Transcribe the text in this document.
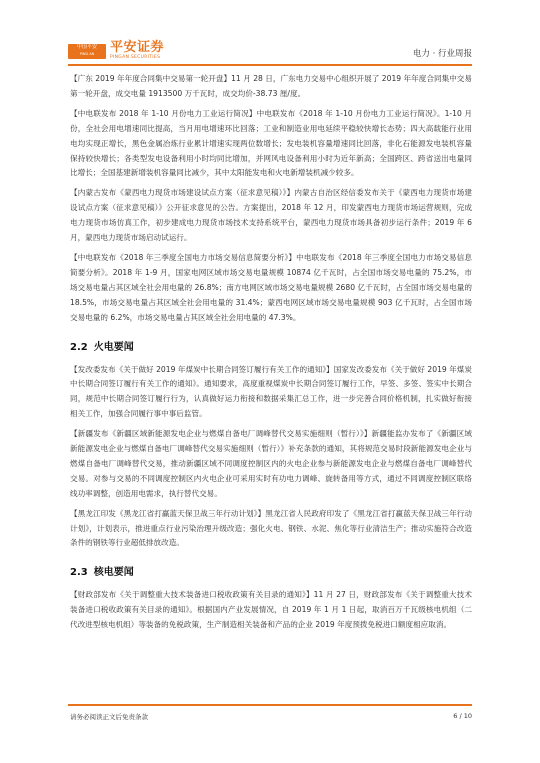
中国平安
PING AN	平安证券
PINGAN SECURITIES	电力 · 行业周报

【广东 2019 年年度合同集中交易第一轮开盘】11 月 28 日，广东电力交易中心组织开展了 2019 年年度合同集中交易第一轮开盘，成交电量 1913500 万千瓦时，成交均价-38.73 厘/度。

【中电联发布 2018 年 1-10 月份电力工业运行简况】中电联发布《2018 年 1-10 月份电力工业运行简况》。1-10 月份，全社会用电增速同比提高，当月用电增速环比回落；工业和制造业用电延续平稳较快增长态势；四大高载能行业用电均实现正增长，黑色金属冶炼行业累计增速实现两位数增长；发电装机容量增速同比回落，非化石能源发电装机容量保持较快增长；各类型发电设备利用小时均同比增加，并网风电设备利用小时为近年新高；全国跨区、跨省送出电量同比增长；全国基建新增装机容量同比减少，其中太阳能发电和火电新增装机减少较多。

【内蒙古发布《蒙西电力现货市场建设试点方案（征求意见稿）》】内蒙古自治区经信委发布关于《蒙西电力现货市场建设试点方案（征求意见稿）》公开征求意见的公告。方案提出，2018 年 12 月，印发蒙西电力现货市场运营规则，完成电力现货市场仿真工作，初步建成电力现货市场技术支持系统平台，蒙西电力现货市场具备初步运行条件；2019 年 6 月，蒙西电力现货市场启动试运行。

【中电联发布《2018 年三季度全国电力市场交易信息简要分析》】中电联发布《2018 年三季度全国电力市场交易信息简要分析》。2018 年 1-9 月，国家电网区域市场交易电量规模 10874 亿千瓦时，占全国市场交易电量的 75.2%，市场交易电量占其区域全社会用电量的 26.8%；南方电网区域市场交易电量规模 2680 亿千瓦时，占全国市场交易电量的 18.5%，市场交易电量占其区域全社会用电量的 31.4%；蒙西电网区域市场交易电量规模 903 亿千瓦时，占全国市场交易电量的 6.2%，市场交易电量占其区域全社会用电量的 47.3%。

2.2 火电要闻

【发改委发布《关于做好 2019 年煤炭中长期合同签订履行有关工作的通知》】国家发改委发布《关于做好 2019 年煤炭中长期合同签订履行有关工作的通知》。通知要求，高度重视煤炭中长期合同签订履行工作，早签、多签、签实中长期合同，规范中长期合同签订履行行为，认真做好运力衔接和数据采集汇总工作，进一步完善合同价格机制，扎实做好衔接相关工作，加强合同履行事中事后监管。

【新疆发布《新疆区域新能源发电企业与燃煤自备电厂调峰替代交易实施细则（暂行）》】新疆能监办发布了《新疆区域新能源发电企业与燃煤自备电厂调峰替代交易实施细则（暂行）》补充条款的通知，其将规范交易时段新能源发电企业与燃煤自备电厂调峰替代交易，推动新疆区域不同调度控制区内的火电企业参与新能源发电企业与燃煤自备电厂调峰替代交易。对参与交易的不同调度控制区内火电企业可采用实时有功电力调峰、旋转备用等方式，通过不同调度控制区联络线功率调整，创造用电需求，执行替代交易。

【黑龙江印发《黑龙江省打赢蓝天保卫战三年行动计划》】黑龙江省人民政府印发了《黑龙江省打赢蓝天保卫战三年行动计划》，计划表示，推进重点行业污染治理升级改造；强化火电、钢铁、水泥、焦化等行业清洁生产；推动实施符合改造条件的钢铁等行业超低排放改造。

2.3 核电要闻

【财政部发布《关于调整重大技术装备进口税收政策有关目录的通知》】11 月 27 日，财政部发布《关于调整重大技术装备进口税收政策有关目录的通知》。根据国内产业发展情况，自 2019 年 1 月 1 日起，取消百万千瓦级核电机组（二代改进型核电机组）等装备的免税政策，生产制造相关装备和产品的企业 2019 年度预拨免税进口额度相应取消。

请务必阅读正文后免责条款	6 / 10
